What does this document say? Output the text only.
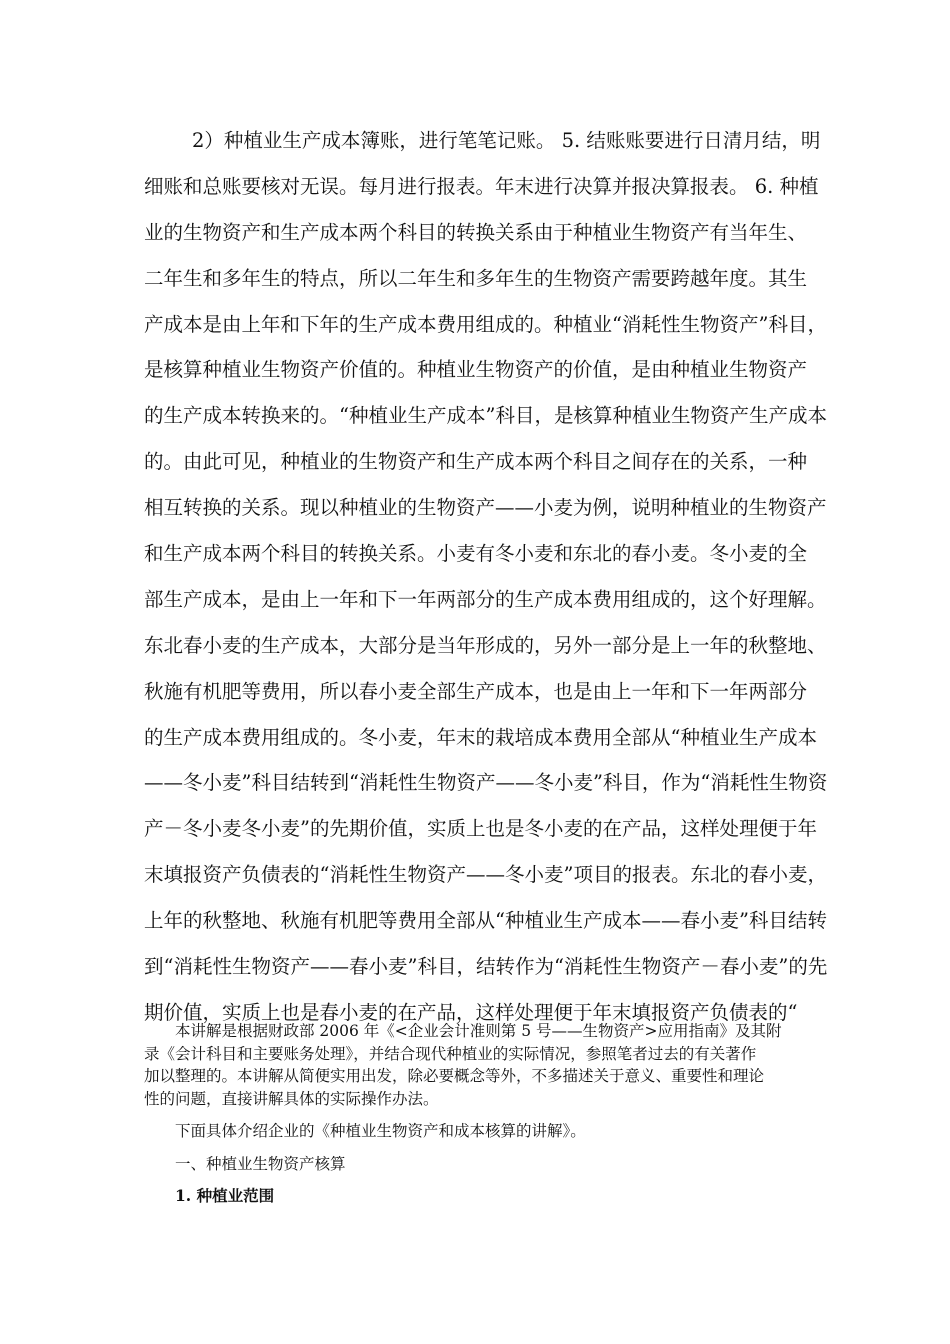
2）种植业生产成本簿账，进行笔笔记账。 5. 结账账要进行日清月结，明
细账和总账要核对无误。每月进行报表。年末进行决算并报决算报表。 6. 种植
业的生物资产和生产成本两个科目的转换关系由于种植业生物资产有当年生、
二年生和多年生的特点，所以二年生和多年生的生物资产需要跨越年度。其生
产成本是由上年和下年的生产成本费用组成的。种植业“消耗性生物资产”科目，
是核算种植业生物资产价值的。种植业生物资产的价值，是由种植业生物资产
的生产成本转换来的。“种植业生产成本”科目，是核算种植业生物资产生产成本
的。由此可见，种植业的生物资产和生产成本两个科目之间存在的关系，一种
相互转换的关系。现以种植业的生物资产——小麦为例，说明种植业的生物资产
和生产成本两个科目的转换关系。小麦有冬小麦和东北的春小麦。冬小麦的全
部生产成本，是由上一年和下一年两部分的生产成本费用组成的，这个好理解。
东北春小麦的生产成本，大部分是当年形成的，另外一部分是上一年的秋整地、
秋施有机肥等费用，所以春小麦全部生产成本，也是由上一年和下一年两部分
的生产成本费用组成的。冬小麦，年末的栽培成本费用全部从“种植业生产成本
——冬小麦”科目结转到“消耗性生物资产——冬小麦”科目，作为“消耗性生物资
产－冬小麦冬小麦”的先期价值，实质上也是冬小麦的在产品，这样处理便于年
末填报资产负债表的“消耗性生物资产——冬小麦”项目的报表。东北的春小麦，
上年的秋整地、秋施有机肥等费用全部从“种植业生产成本——春小麦”科目结转
到“消耗性生物资产——春小麦”科目，结转作为“消耗性生物资产－春小麦”的先
期价值，实质上也是春小麦的在产品，这样处理便于年末填报资产负债表的“
本讲解是根据财政部 2006 年《<企业会计准则第 5 号——生物资产>应用指南》及其附
录《会计科目和主要账务处理》，并结合现代种植业的实际情况，参照笔者过去的有关著作
加以整理的。本讲解从简便实用出发，除必要概念等外，不多描述关于意义、重要性和理论
性的问题，直接讲解具体的实际操作办法。
下面具体介绍企业的《种植业生物资产和成本核算的讲解》。
一、种植业生物资产核算
1. 种植业范围
